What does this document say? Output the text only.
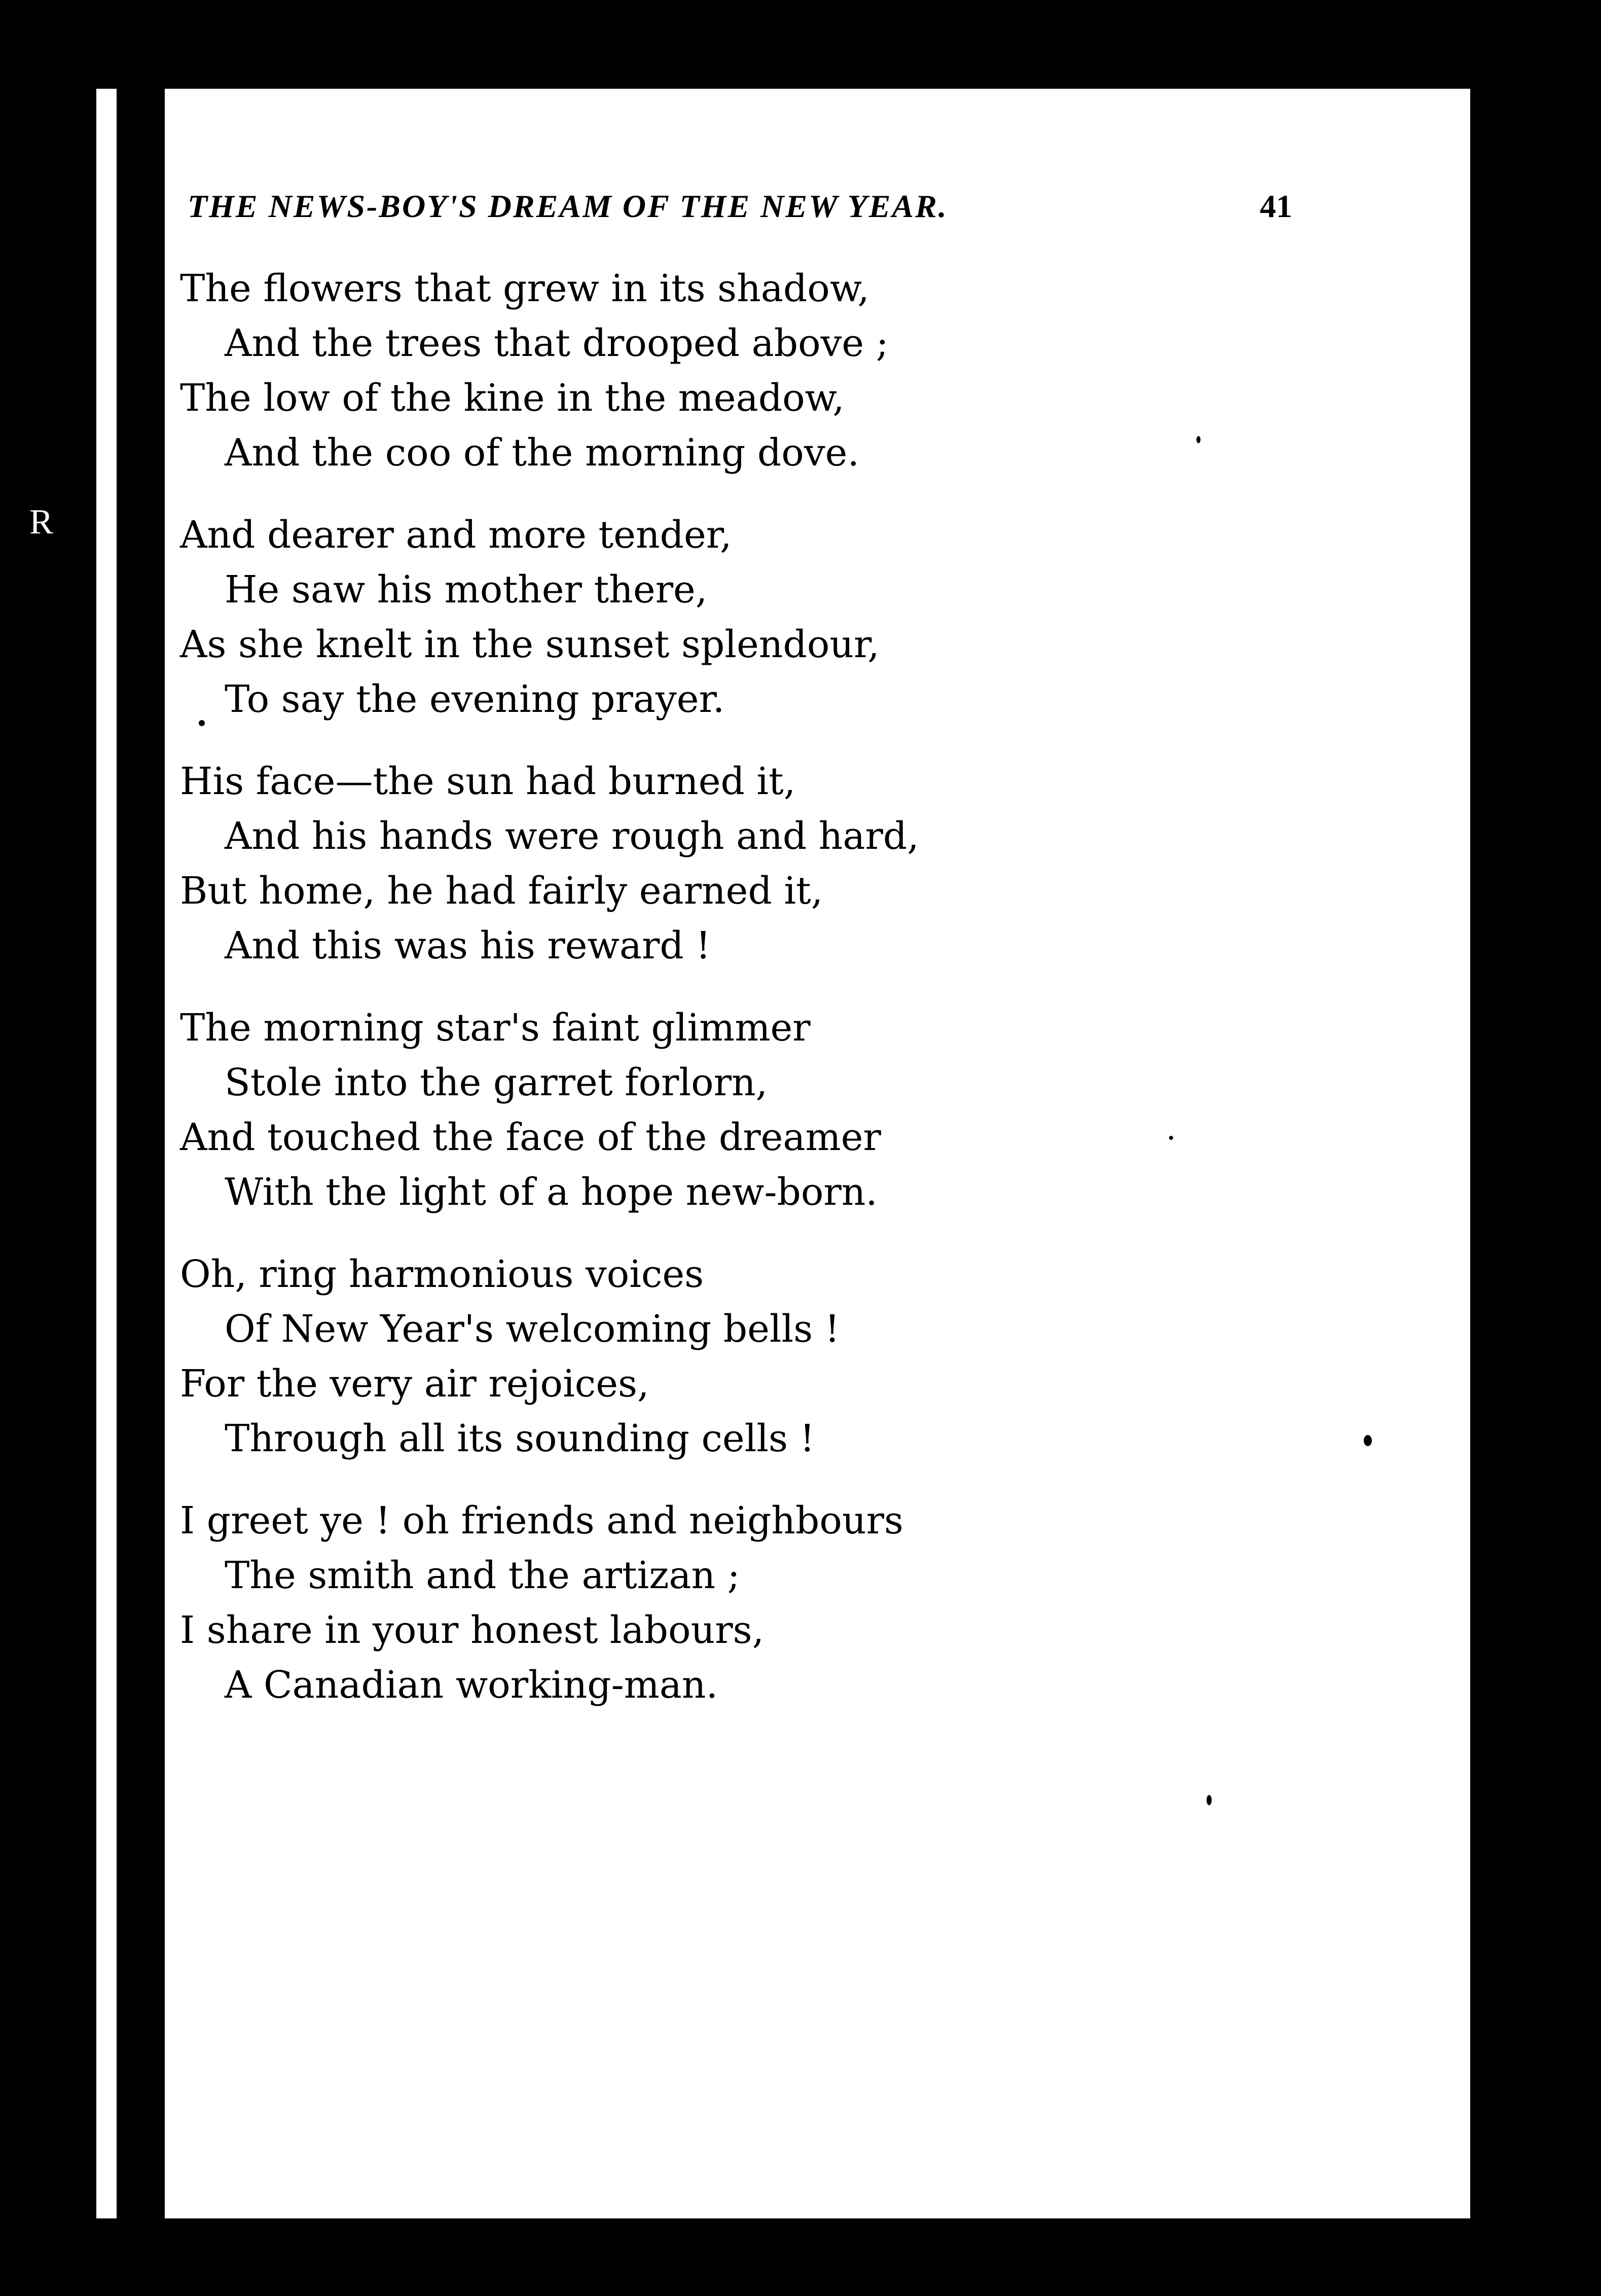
R
THE NEWS-BOY'S DREAM OF THE NEW YEAR.	41
The flowers that grew in its shadow,
And the trees that drooped above ;
The low of the kine in the meadow,
And the coo of the morning dove.
And dearer and more tender,
He saw his mother there,
As she knelt in the sunset splendour,
To say the evening prayer.
His face—the sun had burned it,
And his hands were rough and hard,
But home, he had fairly earned it,
And this was his reward !
The morning star's faint glimmer
Stole into the garret forlorn,
And touched the face of the dreamer
With the light of a hope new-born.
Oh, ring harmonious voices
Of New Year's welcoming bells !
For the very air rejoices,
Through all its sounding cells !
I greet ye ! oh friends and neighbours
The smith and the artizan ;
I share in your honest labours,
A Canadian working-man.
